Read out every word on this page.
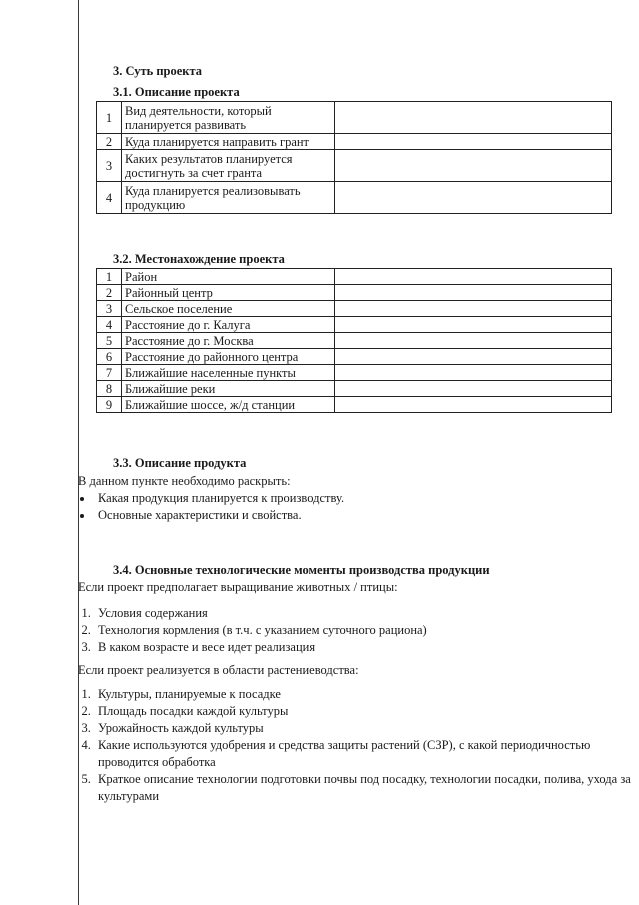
3. Суть проекта
3.1. Описание проекта
1	Вид деятельности, который планируется развивать	
2	Куда планируется направить грант	
3	Каких результатов планируется достигнуть за счет гранта	
4	Куда планируется реализовывать продукцию	
3.2. Местонахождение проекта
1	Район	
2	Районный центр	
3	Сельское поселение	
4	Расстояние до г. Калуга	
5	Расстояние до г. Москва	
6	Расстояние до районного центра	
7	Ближайшие населенные пункты	
8	Ближайшие реки	
9	Ближайшие шоссе, ж/д станции	
3.3. Описание продукта
В данном пункте необходимо раскрыть:
• Какая продукция планируется к производству.
• Основные характеристики и свойства.
3.4. Основные технологические моменты производства продукции
Если проект предполагает выращивание животных / птицы:
1. Условия содержания
2. Технология кормления (в т.ч. с указанием суточного рациона)
3. В каком возрасте и весе идет реализация
Если проект реализуется в области растениеводства:
1. Культуры, планируемые к посадке
2. Площадь посадки каждой культуры
3. Урожайность каждой культуры
4. Какие используются удобрения и средства защиты растений (СЗР), с какой периодичностью проводится обработка
5. Краткое описание технологии подготовки почвы под посадку, технологии посадки, полива, ухода за культурами
